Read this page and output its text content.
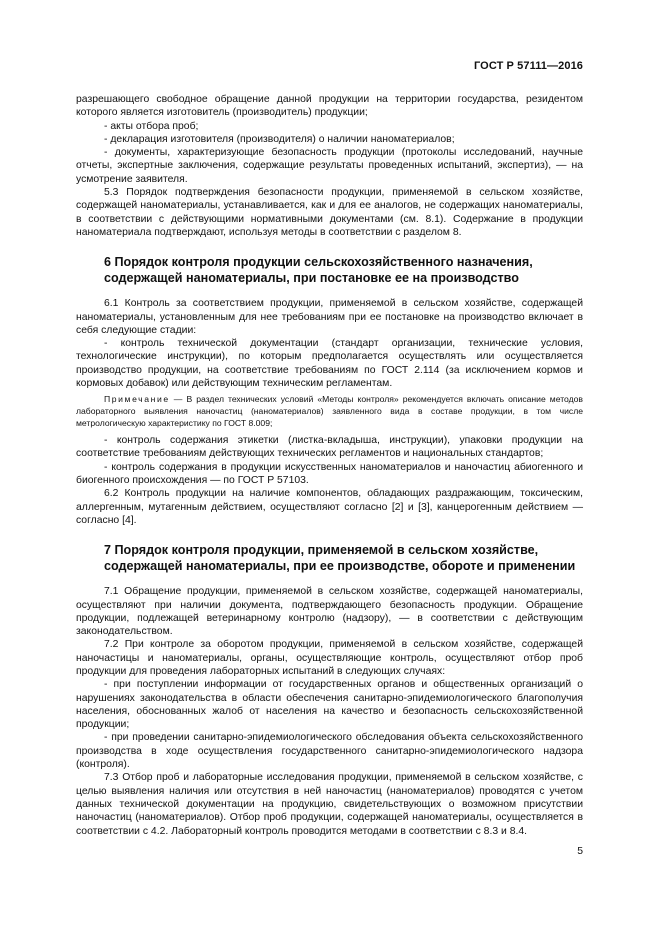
ГОСТ Р 57111—2016

разрешающего свободное обращение данной продукции на территории государства, резидентом которого является изготовитель (производитель) продукции;

- акты отбора проб;

- декларация изготовителя (производителя) о наличии наноматериалов;

- документы, характеризующие безопасность продукции (протоколы исследований, научные отчеты, экспертные заключения, содержащие результаты проведенных испытаний, экспертиз), — на усмотрение заявителя.

5.3 Порядок подтверждения безопасности продукции, применяемой в сельском хозяйстве, содержащей наноматериалы, устанавливается, как и для ее аналогов, не содержащих наноматериалы, в соответствии с действующими нормативными документами (см. 8.1). Содержание в продукции наноматериала подтверждают, используя методы в соответствии с разделом 8.

6 Порядок контроля продукции сельскохозяйственного назначения,
содержащей наноматериалы, при постановке ее на производство

6.1 Контроль за соответствием продукции, применяемой в сельском хозяйстве, содержащей наноматериалы, установленным для нее требованиям при ее постановке на производство включает в себя следующие стадии:

- контроль технической документации (стандарт организации, технические условия, технологические инструкции), по которым предполагается осуществлять или осуществляется производство продукции, на соответствие требованиям по ГОСТ 2.114 (за исключением кормов и кормовых добавок) или действующим техническим регламентам.

Примечание — В раздел технических условий «Методы контроля» рекомендуется включать описание методов лабораторного выявления наночастиц (наноматериалов) заявленного вида в составе продукции, в том числе метрологическую характеристику по ГОСТ 8.009;

- контроль содержания этикетки (листка-вкладыша, инструкции), упаковки продукции на соответствие требованиям действующих технических регламентов и национальных стандартов;

- контроль содержания в продукции искусственных наноматериалов и наночастиц абиогенного и биогенного происхождения — по ГОСТ Р 57103.

6.2 Контроль продукции на наличие компонентов, обладающих раздражающим, токсическим, аллергенным, мутагенным действием, осуществляют согласно [2] и [3], канцерогенным действием — согласно [4].

7 Порядок контроля продукции, применяемой в сельском хозяйстве,
содержащей наноматериалы, при ее производстве, обороте и применении

7.1 Обращение продукции, применяемой в сельском хозяйстве, содержащей наноматериалы, осуществляют при наличии документа, подтверждающего безопасность продукции. Обращение продукции, подлежащей ветеринарному контролю (надзору), — в соответствии с действующим законодательством.

7.2 При контроле за оборотом продукции, применяемой в сельском хозяйстве, содержащей наночастицы и наноматериалы, органы, осуществляющие контроль, осуществляют отбор проб продукции для проведения лабораторных испытаний в следующих случаях:

- при поступлении информации от государственных органов и общественных организаций о нарушениях законодательства в области обеспечения санитарно-эпидемиологического благополучия населения, обоснованных жалоб от населения на качество и безопасность сельскохозяйственной продукции;

- при проведении санитарно-эпидемиологического обследования объекта сельскохозяйственного производства в ходе осуществления государственного санитарно-эпидемиологического надзора (контроля).

7.3 Отбор проб и лабораторные исследования продукции, применяемой в сельском хозяйстве, с целью выявления наличия или отсутствия в ней наночастиц (наноматериалов) проводятся с учетом данных технической документации на продукцию, свидетельствующих о возможном присутствии наночастиц (наноматериалов). Отбор проб продукции, содержащей наноматериалы, осуществляется в соответствии с 4.2. Лабораторный контроль проводится методами в соответствии с 8.3 и 8.4.

5
